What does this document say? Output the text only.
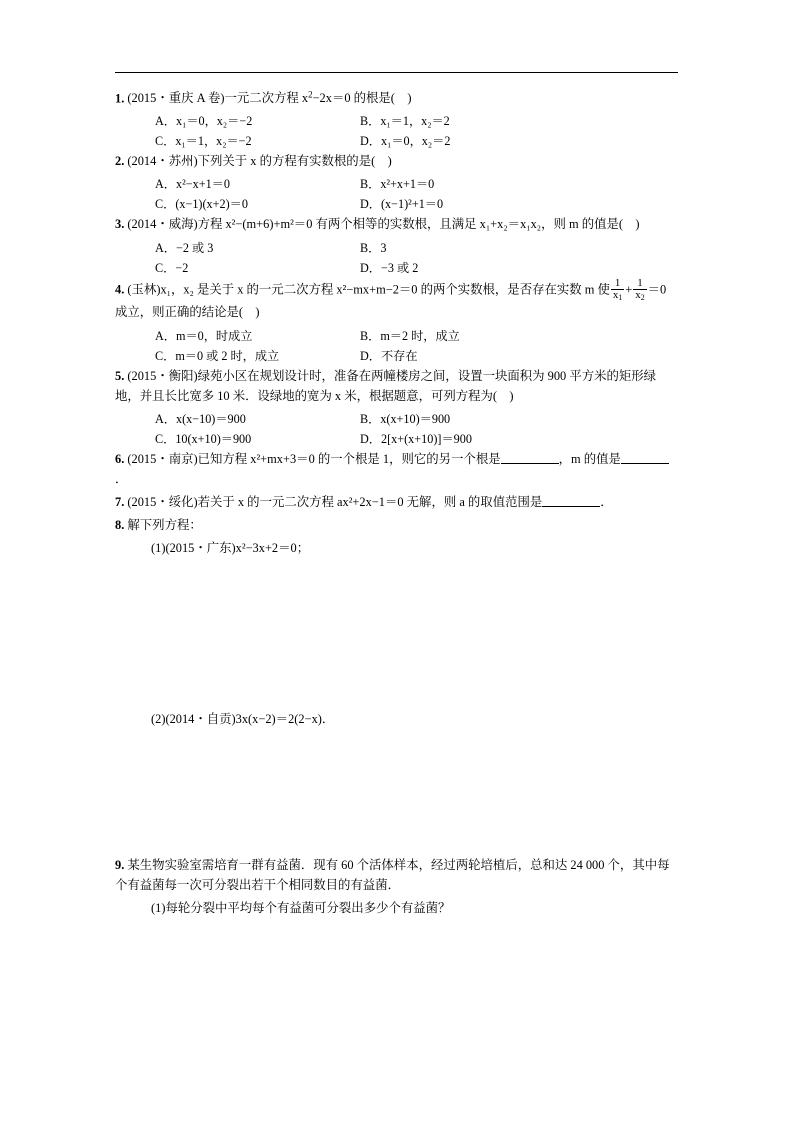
1. (2015・重庆 A 卷)一元二次方程 $x^2-2x=0$ 的根是(　 )
A．x₁＝0，x₂＝−2	B．x₁＝1，x₂＝2
C．x₁＝1，x₂＝−2	D．x₁＝0，x₂＝2
2. (2014・苏州)下列关于 x 的方程有实数根的是(　)
A．x²−x+1＝0	B．x²+x+1＝0
C．(x−1)(x+2)＝0	D．(x−1)²+1＝0
3. (2014・威海)方程 x²−(m+6)+m²＝0 有两个相等的实数根，且满足 x₁+x₂＝x₁x₂，则 m 的值是(　)
A．−2 或 3	B．3
C．−2	D．−3 或 2
4. (玉林)x₁，x₂ 是关于 x 的一元二次方程 x²−mx+m−2＝0 的两个实数根，是否存在实数 m 使 $\frac{1}{x_1} + \frac{1}{x_2} =0$ 成立，则正确的结论是(　)
A．m＝0，时成立	B．m＝2 时，成立
C．m＝0 或 2 时，成立	D．不存在
5. (2015・衡阳)绿苑小区在规划设计时，准备在两幢楼房之间，设置一块面积为 900 平方米的矩形绿地，并且长比宽多 10 米．设绿地的宽为 x 米，根据题意，可列方程为(　)
A．x(x−10)＝900	B．x(x+10)＝900
C．10(x+10)＝900	D．2[x+(x+10)]＝900
6. (2015・南京)已知方程 x²+mx+3＝0 的一个根是 1，则它的另一个根是	，m 的值是．
7. (2015・绥化)若关于 x 的一元二次方程 ax²+2x−1＝0 无解，则 a 的取值范围是	．
8. 解下列方程：
(1)(2015・广东)x²−3x+2＝0；
(2)(2014・自贡)3x(x−2)＝2(2−x)．
9. 某生物实验室需培育一群有益菌．现有 60 个活体样本，经过两轮培植后，总和达 24 000 个，其中每个有益菌每一次可分裂出若干个相同数目的有益菌．
(1)每轮分裂中平均每个有益菌可分裂出多少个有益菌？
